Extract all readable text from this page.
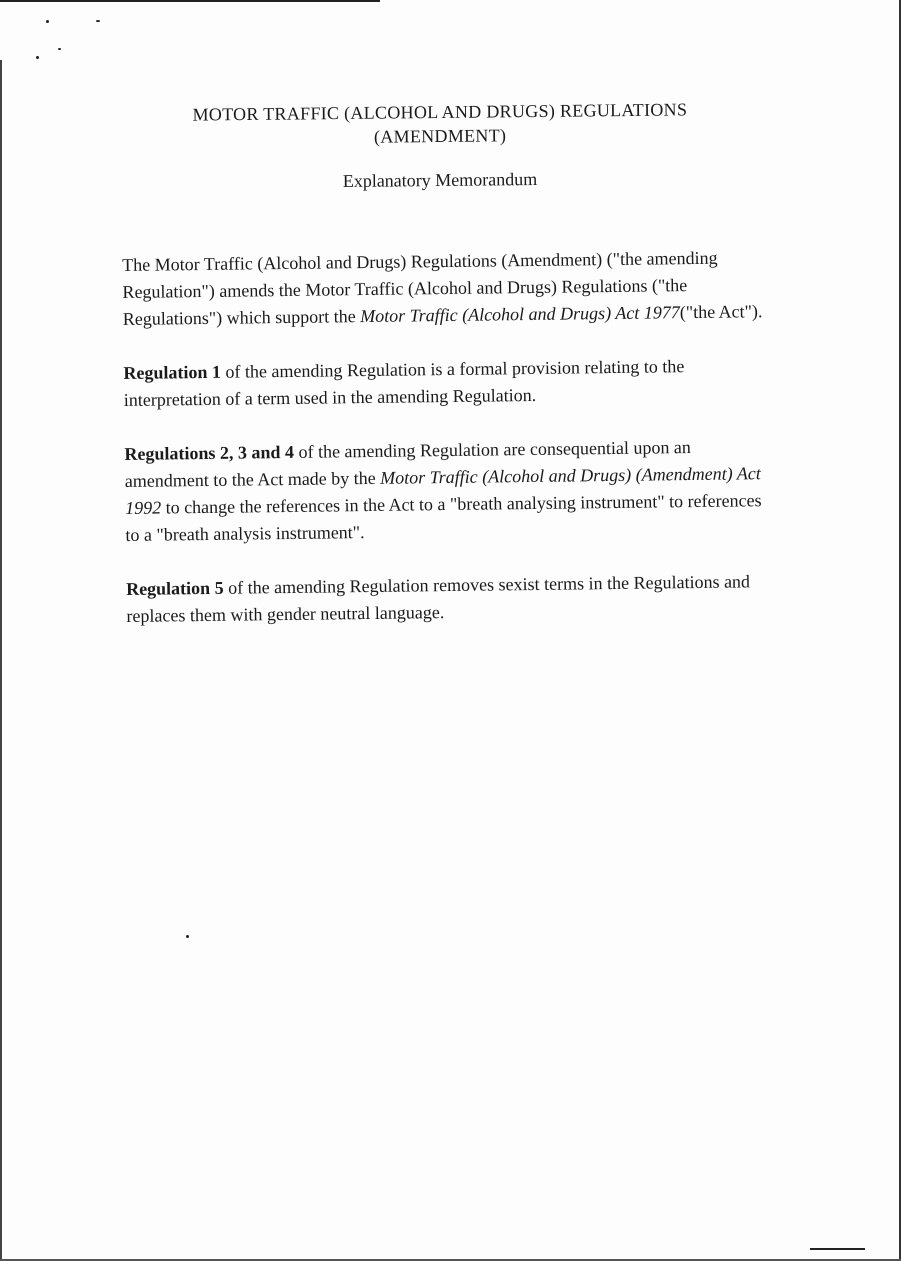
MOTOR TRAFFIC (ALCOHOL AND DRUGS) REGULATIONS
(AMENDMENT)
Explanatory Memorandum

The Motor Traffic (Alcohol and Drugs) Regulations (Amendment) ("the amending Regulation") amends the Motor Traffic (Alcohol and Drugs) Regulations ("the Regulations") which support the Motor Traffic (Alcohol and Drugs) Act 1977("the Act").

Regulation 1 of the amending Regulation is a formal provision relating to the interpretation of a term used in the amending Regulation.

Regulations 2, 3 and 4 of the amending Regulation are consequential upon an amendment to the Act made by the Motor Traffic (Alcohol and Drugs) (Amendment) Act 1992 to change the references in the Act to a "breath analysing instrument" to references to a "breath analysis instrument".

Regulation 5 of the amending Regulation removes sexist terms in the Regulations and replaces them with gender neutral language.
